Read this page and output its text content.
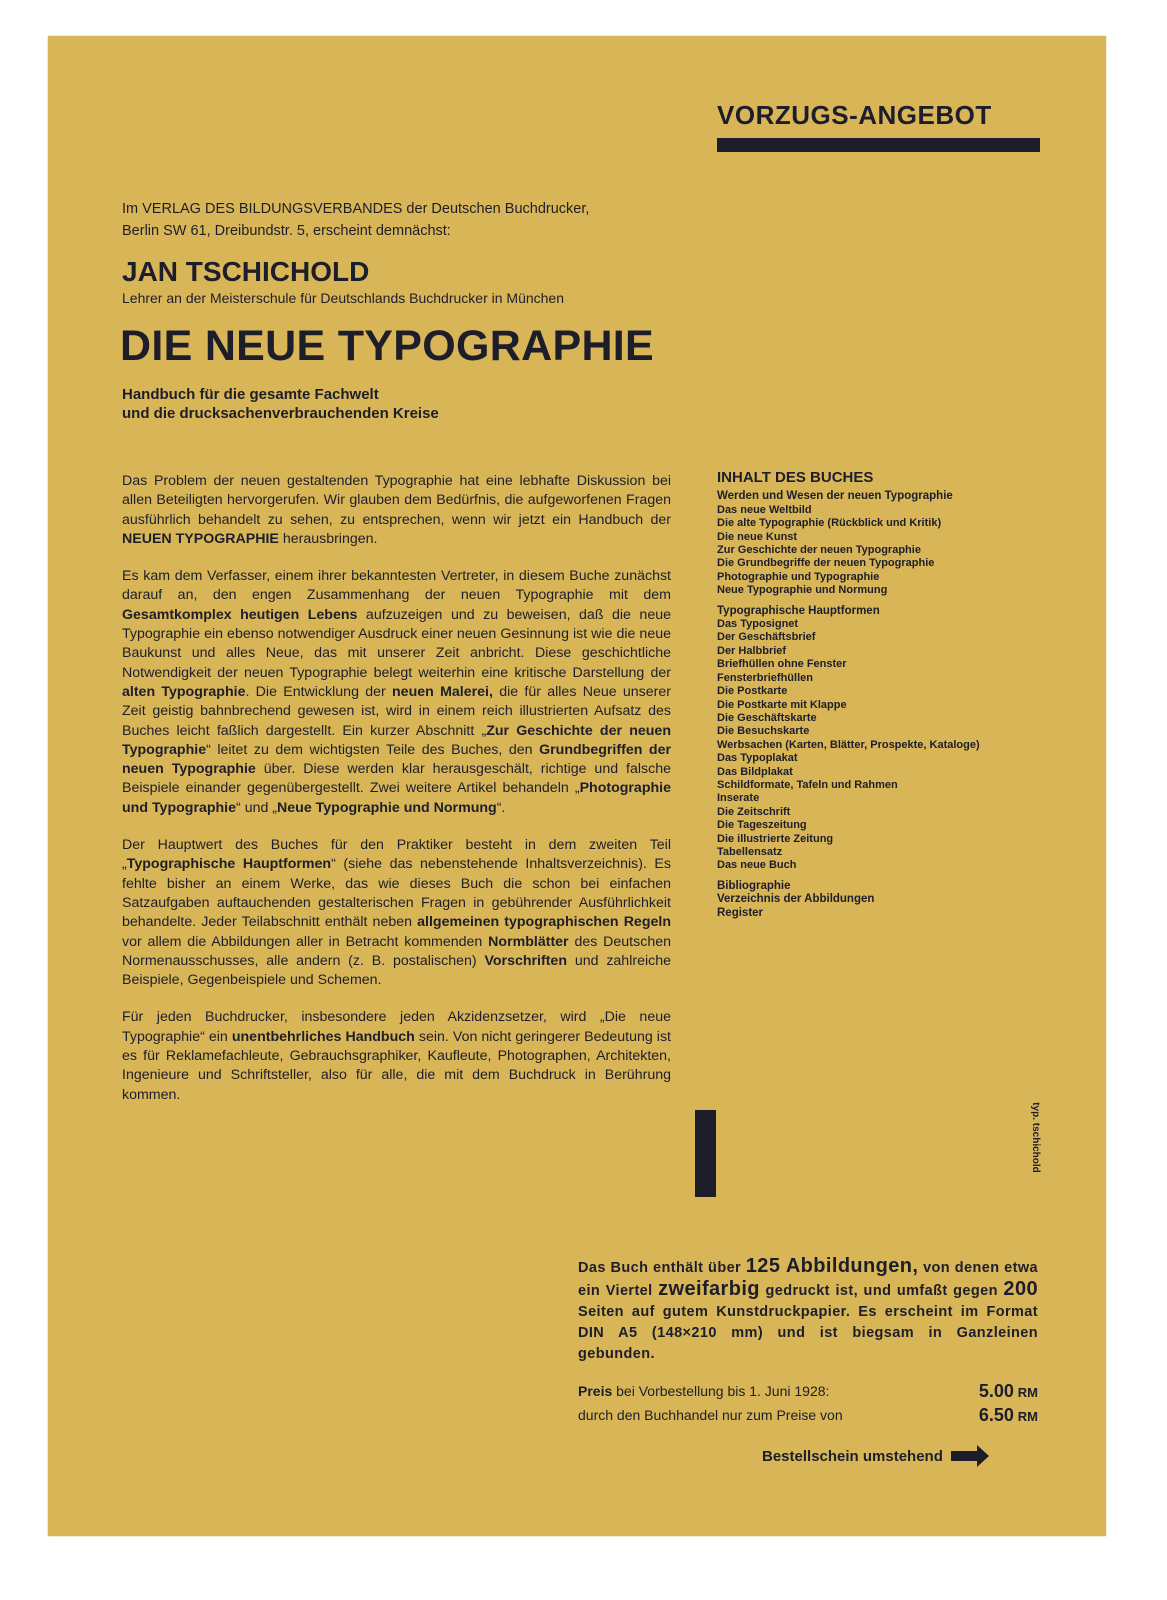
VORZUGS-ANGEBOT
Im VERLAG DES BILDUNGSVERBANDES der Deutschen Buchdrucker,
Berlin SW 61, Dreibundstr. 5, erscheint demnächst:
JAN TSCHICHOLD
Lehrer an der Meisterschule für Deutschlands Buchdrucker in München
DIE NEUE TYPOGRAPHIE
Handbuch für die gesamte Fachwelt
und die drucksachenverbrauchenden Kreise

Das Problem der neuen gestaltenden Typographie hat eine lebhafte Diskussion bei allen Beteiligten hervorgerufen. Wir glauben dem Bedürfnis, die aufgeworfenen Fragen ausführlich behandelt zu sehen, zu entsprechen, wenn wir jetzt ein Handbuch der NEUEN TYPOGRAPHIE herausbringen.

Es kam dem Verfasser, einem ihrer bekanntesten Vertreter, in diesem Buche zunächst darauf an, den engen Zusammenhang der neuen Typographie mit dem Gesamtkomplex heutigen Lebens aufzuzeigen und zu beweisen, daß die neue Typographie ein ebenso notwendiger Ausdruck einer neuen Gesinnung ist wie die neue Baukunst und alles Neue, das mit unserer Zeit anbricht. Diese geschichtliche Notwendigkeit der neuen Typographie belegt weiterhin eine kritische Darstellung der alten Typographie. Die Entwicklung der neuen Malerei, die für alles Neue unserer Zeit geistig bahnbrechend gewesen ist, wird in einem reich illustrierten Aufsatz des Buches leicht faßlich dargestellt. Ein kurzer Abschnitt „Zur Geschichte der neuen Typographie“ leitet zu dem wichtigsten Teile des Buches, den Grundbegriffen der neuen Typographie über. Diese werden klar herausgeschält, richtige und falsche Beispiele einander gegenübergestellt. Zwei weitere Artikel behandeln „Photographie und Typographie“ und „Neue Typographie und Normung“.

Der Hauptwert des Buches für den Praktiker besteht in dem zweiten Teil „Typographische Hauptformen“ (siehe das nebenstehende Inhaltsverzeichnis). Es fehlte bisher an einem Werke, das wie dieses Buch die schon bei einfachen Satzaufgaben auftauchenden gestalterischen Fragen in gebührender Ausführlichkeit behandelte. Jeder Teilabschnitt enthält neben allgemeinen typographischen Regeln vor allem die Abbildungen aller in Betracht kommenden Normblätter des Deutschen Normenausschusses, alle andern (z. B. postalischen) Vorschriften und zahlreiche Beispiele, Gegenbeispiele und Schemen.

Für jeden Buchdrucker, insbesondere jeden Akzidenzsetzer, wird „Die neue Typographie“ ein unentbehrliches Handbuch sein. Von nicht geringerer Bedeutung ist es für Reklamefachleute, Gebrauchsgraphiker, Kaufleute, Photographen, Architekten, Ingenieure und Schriftsteller, also für alle, die mit dem Buchdruck in Berührung kommen.

INHALT DES BUCHES
Werden und Wesen der neuen Typographie
Das neue Weltbild
Die alte Typographie (Rückblick und Kritik)
Die neue Kunst
Zur Geschichte der neuen Typographie
Die Grundbegriffe der neuen Typographie
Photographie und Typographie
Neue Typographie und Normung
Typographische Hauptformen
Das Typosignet
Der Geschäftsbrief
Der Halbbrief
Briefhüllen ohne Fenster
Fensterbriefhüllen
Die Postkarte
Die Postkarte mit Klappe
Die Geschäftskarte
Die Besuchskarte
Werbsachen (Karten, Blätter, Prospekte, Kataloge)
Das Typoplakat
Das Bildplakat
Schildformate, Tafeln und Rahmen
Inserate
Die Zeitschrift
Die Tageszeitung
Die illustrierte Zeitung
Tabellensatz
Das neue Buch
Bibliographie
Verzeichnis der Abbildungen
Register
typ. tschichold
Das Buch enthält über 125 Abbildungen, von denen etwa ein Viertel zweifarbig gedruckt ist, und umfaßt gegen 200 Seiten auf gutem Kunstdruckpapier. Es erscheint im Format DIN A5 (148×210 mm) und ist biegsam in Ganzleinen gebunden.
Preis bei Vorbestellung bis 1. Juni 1928:	5.00 RM
durch den Buchhandel nur zum Preise von	6.50 RM
Bestellschein umstehend
